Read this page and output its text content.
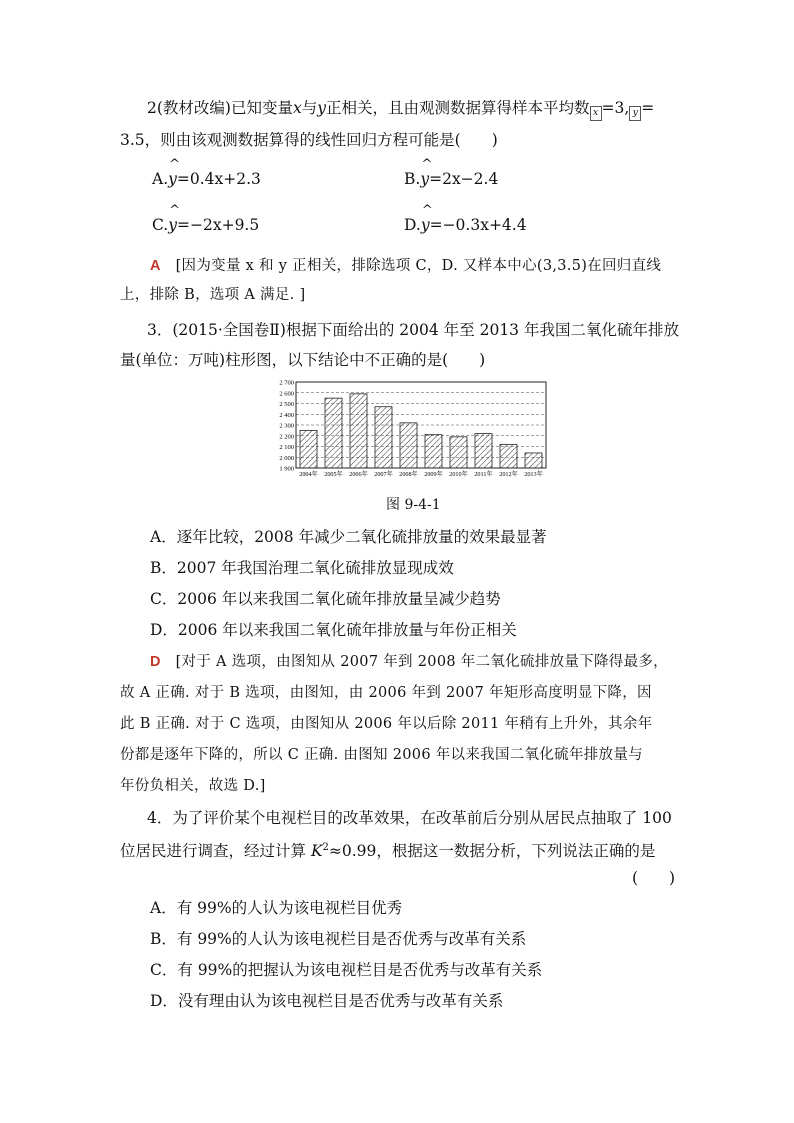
2(教材改编)已知变量x与y正相关，且由观测数据算得样本平均数 x =3, y =
3.5，则由该观测数据算得的线性回归方程可能是(　　)
A.^ y=0.4x+2.3	B.^ y=2x−2.4
C.^ y=−2x+9.5	D.^ y=−0.3x+4.4
A　 [因为变量 x 和 y 正相关，排除选项 C，D. 又样本中心(3,3.5)在回归直线
上，排除 B，选项 A 满足. ]
3．(2015·全国卷Ⅱ)根据下面给出的 2004 年至 2013 年我国二氧化硫年排放
量(单位：万吨)柱形图，以下结论中不正确的是(　　)
1 900
2 000
2 100
2 200
2 300
2 400
2 500
2 600
2 700
2004年 2005年 2006年 2007年 2008年 2009年 2010年 2011年 2012年 2013年
图 9-4-1
A．逐年比较，2008 年减少二氧化硫排放量的效果最显著
B．2007 年我国治理二氧化硫排放显现成效
C．2006 年以来我国二氧化硫年排放量呈减少趋势
D．2006 年以来我国二氧化硫年排放量与年份正相关
D　 [对于 A 选项，由图知从 2007 年到 2008 年二氧化硫排放量下降得最多，
故 A 正确. 对于 B 选项，由图知，由 2006 年到 2007 年矩形高度明显下降，因
此 B 正确. 对于 C 选项，由图知从 2006 年以后除 2011 年稍有上升外，其余年
份都是逐年下降的，所以 C 正确. 由图知 2006 年以来我国二氧化硫年排放量与
年份负相关，故选 D.]
4．为了评价某个电视栏目的改革效果，在改革前后分别从居民点抽取了 100
位居民进行调查，经过计算 $K^2\approx 0.99$，根据这一数据分析，下列说法正确的是
(　　)
A．有 99%的人认为该电视栏目优秀
B．有 99%的人认为该电视栏目是否优秀与改革有关系
C．有 99%的把握认为该电视栏目是否优秀与改革有关系
D．没有理由认为该电视栏目是否优秀与改革有关系
